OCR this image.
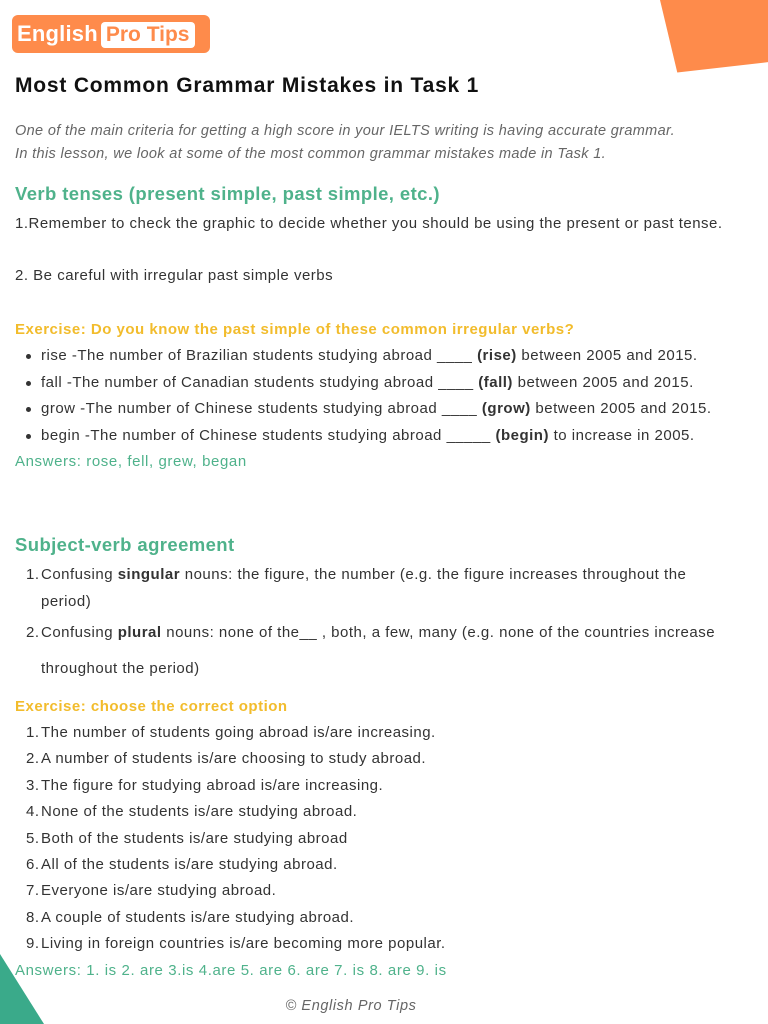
English Pro Tips
Most Common Grammar Mistakes in Task 1

One of the main criteria for getting a high score in your IELTS writing is having accurate grammar.
In this lesson, we look at some of the most common grammar mistakes made in Task 1.

Verb tenses (present simple, past simple, etc.)

1.Remember to check the graphic to decide whether you should be using the present or past tense.

2. Be careful with irregular past simple verbs

Exercise: Do you know the past simple of these common irregular verbs?

rise -The number of Brazilian students studying abroad ____ (rise) between 2005 and 2015.
fall -The number of Canadian students studying abroad ____ (fall) between 2005 and 2015.
grow -The number of Chinese students studying abroad ____ (grow) between 2005 and 2015.
begin -The number of Chinese students studying abroad _____ (begin) to increase in 2005.

Answers: rose, fell, grew, began

Subject-verb agreement
1. Confusing singular nouns: the figure, the number (e.g. the figure increases throughout the period)
2. Confusing plural nouns: none of the__ , both, a few, many (e.g. none of the countries increase throughout the period)

Exercise: choose the correct option

1. The number of students going abroad is/are increasing.
2. A number of students is/are choosing to study abroad.
3. The figure for studying abroad is/are increasing.
4. None of the students is/are studying abroad.
5. Both of the students is/are studying abroad
6. All of the students is/are studying abroad.
7. Everyone is/are studying abroad.
8. A couple of students is/are studying abroad.
9. Living in foreign countries is/are becoming more popular.

Answers: 1. is 2. are 3.is 4.are 5. are 6. are 7. is 8. are 9. is

© English Pro Tips
